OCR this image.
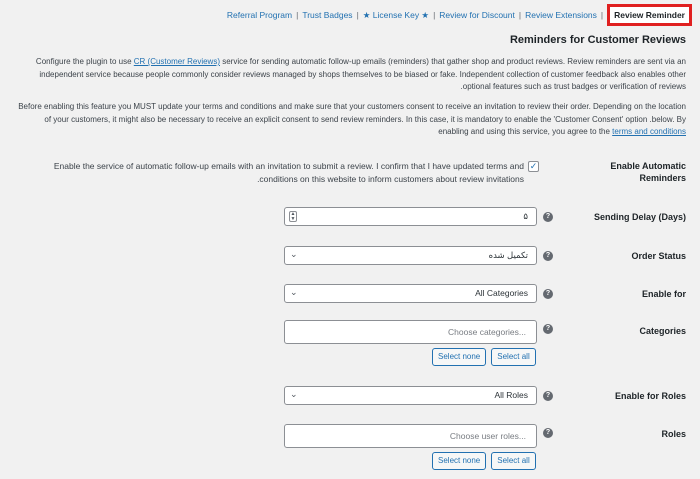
Referral Program | Trust Badges | ★ License Key ★ | Review for Discount | Review Extensions |	Review Reminder
Reminders for Customer Reviews

Configure the plugin to use CR (Customer Reviews) service for sending automatic follow-up emails (reminders) that gather shop and product reviews. Review reminders are sent via an independent service because people commonly consider reviews managed by shops themselves to be biased or fake. Independent collection of customer feedback also enables other .optional features such as trust badges or verification of reviews

Before enabling this feature you MUST update your terms and conditions and make sure that your customers consent to receive an invitation to review their order. Depending on the location of your customers, it might also be necessary to receive an explicit consent to send review reminders. In this case, it is mandatory to enable the 'Customer Consent' option .below. By enabling and using this service, you agree to the terms and conditions

Enable the service of automatic follow-up emails with an invitation to submit a review. I confirm that I have updated terms and .conditions on this website to inform customers about review invitations
✓	Enable Automatic Reminders
▲
▼	۵	?	Sending Delay (Days)
⌄	تکمیل شده	?	Order Status
⌄	All Categories	?	Enable for
Choose categories...	?	Categories
Select none	Select all
⌄	All Roles	?	Enable for Roles
Choose user roles...	?	Roles
Select none	Select all
